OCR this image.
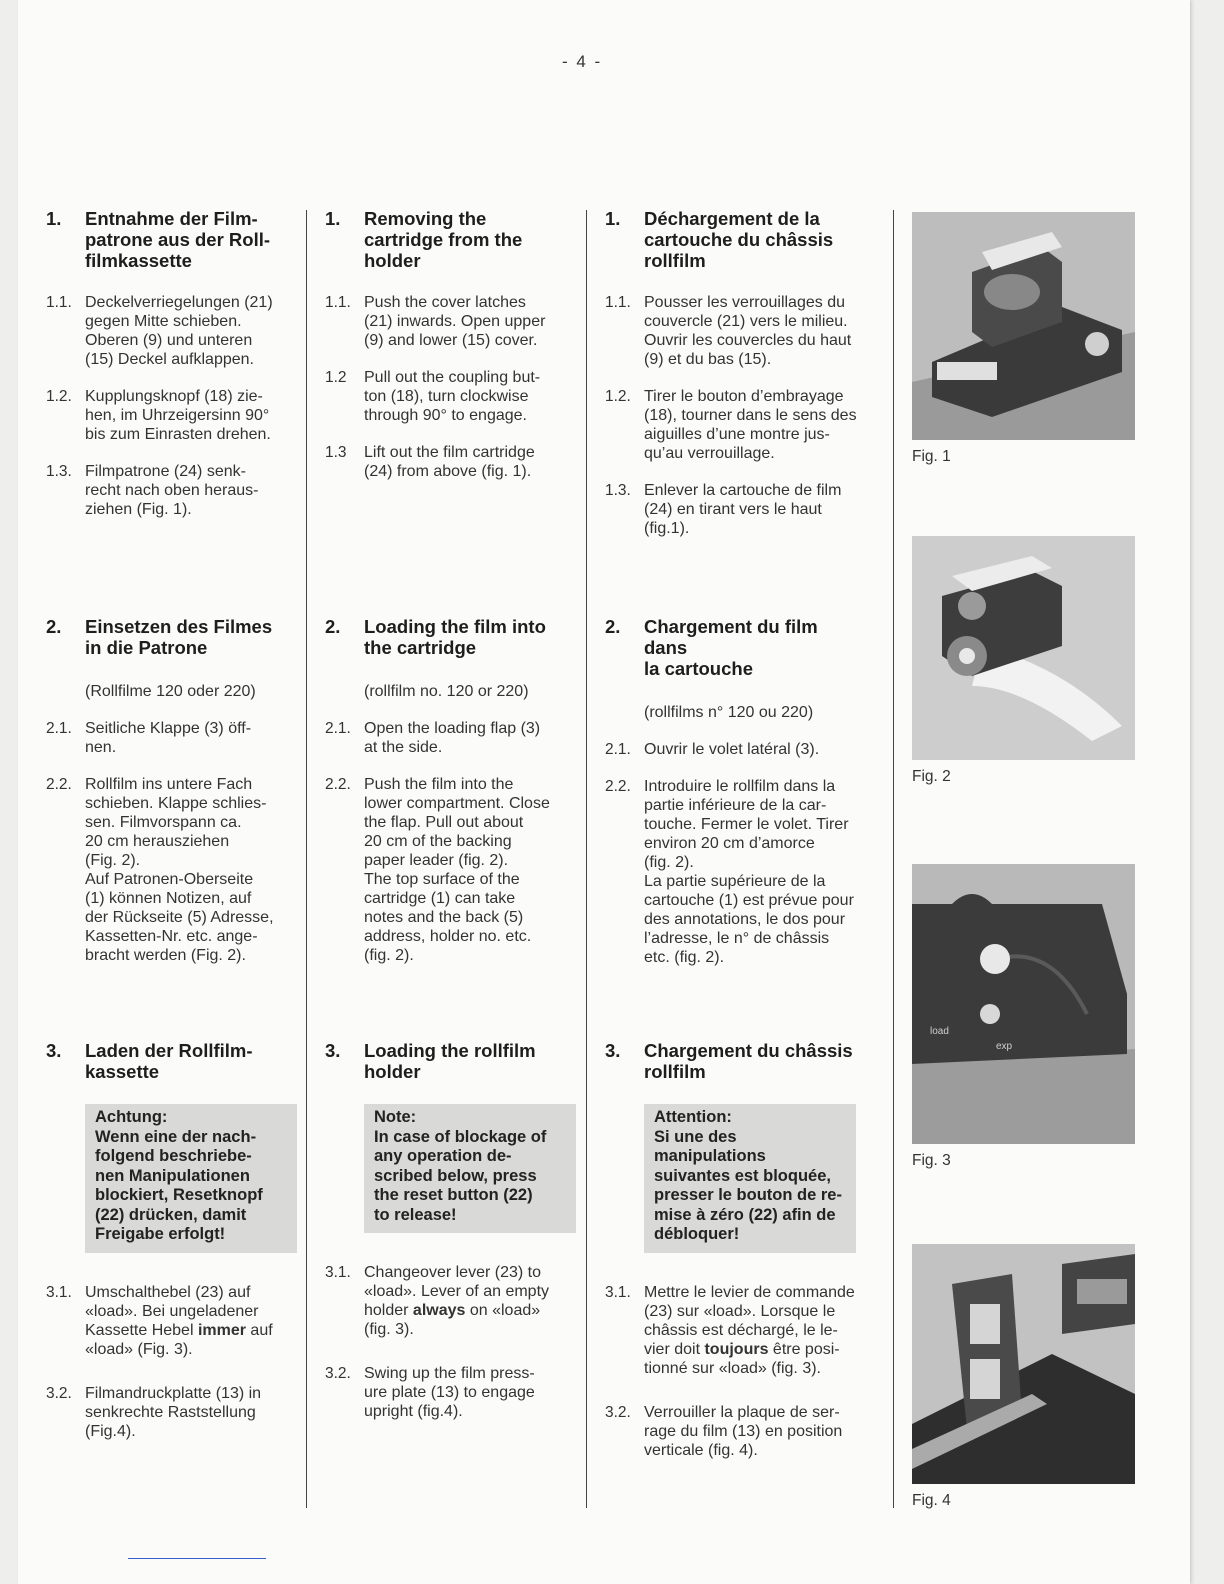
- 4 -

1.	Entnahme der Film-
patrone aus der Roll-
filmkassette
1.1. Deckelverriegelungen (21)
gegen Mitte schieben.
Oberen (9) und unteren
(15) Deckel aufklappen.
1.2. Kupplungsknopf (18) zie-
hen, im Uhrzeigersinn 90°
bis zum Einrasten drehen.
1.3. Filmpatrone (24) senk-
recht nach oben heraus-
ziehen (Fig. 1).
2.	Einsetzen des Filmes
in die Patrone
(Rollfilme 120 oder 220)
2.1. Seitliche Klappe (3) öff-
nen.
2.2. Rollfilm ins untere Fach
schieben. Klappe schlies-
sen. Filmvorspann ca.
20 cm herausziehen
(Fig. 2).
Auf Patronen-Oberseite
(1) können Notizen, auf
der Rückseite (5) Adresse,
Kassetten-Nr. etc. ange-
bracht werden (Fig. 2).
3.	Laden der Rollfilm-
kassette
Achtung:
Wenn eine der nach-
folgend beschriebe-
nen Manipulationen
blockiert, Resetknopf
(22) drücken, damit
Freigabe erfolgt!
3.1. Umschalthebel (23) auf
«load». Bei ungeladener
Kassette Hebel immer auf
«load» (Fig. 3).
3.2. Filmandruckplatte (13) in
senkrechte Raststellung
(Fig.4).
1.	Removing the
cartridge from the
holder
1.1. Push the cover latches
(21) inwards. Open upper
(9) and lower (15) cover.
1.2	Pull out the coupling but-
ton (18), turn clockwise
through 90° to engage.
1.3	Lift out the film cartridge
(24) from above (fig. 1).
2.	Loading the film into
the cartridge
(rollfilm no. 120 or 220)
2.1. Open the loading flap (3)
at the side.
2.2. Push the film into the
lower compartment. Close
the flap. Pull out about
20 cm of the backing
paper leader (fig. 2).
The top surface of the
cartridge (1) can take
notes and the back (5)
address, holder no. etc.
(fig. 2).
3.	Loading the rollfilm
holder
Note:
In case of blockage of
any operation de-
scribed below, press
the reset button (22)
to release!
3.1. Changeover lever (23) to
«load». Lever of an empty
holder always on «load»
(fig. 3).
3.2. Swing up the film press-
ure plate (13) to engage
upright (fig.4).
1.	Déchargement de la
cartouche du châssis
rollfilm
1.1. Pousser les verrouillages du
couvercle (21) vers le milieu.
Ouvrir les couvercles du haut
(9) et du bas (15).
1.2. Tirer le bouton d’embrayage
(18), tourner dans le sens des
aiguilles d’une montre jus-
qu’au verrouillage.
1.3. Enlever la cartouche de film
(24) en tirant vers le haut
(fig.1).
2.	Chargement du film dans
la cartouche
(rollfilms n° 120 ou 220)
2.1. Ouvrir le volet latéral (3).
2.2. Introduire le rollfilm dans la
partie inférieure de la car-
touche. Fermer le volet. Tirer
environ 20 cm d’amorce
(fig. 2).
La partie supérieure de la
cartouche (1) est prévue pour
des annotations, le dos pour
l’adresse, le n° de châssis
etc. (fig. 2).
3.	Chargement du châssis
rollfilm
Attention:
Si une des manipulations
suivantes est bloquée,
presser le bouton de re-
mise à zéro (22) afin de
débloquer!
3.1. Mettre le levier de commande
(23) sur «load». Lorsque le
châssis est déchargé, le le-
vier doit toujours être posi-
tionné sur «load» (fig. 3).
3.2. Verrouiller la plaque de ser-
rage du film (13) en position
verticale (fig. 4).
Fig. 1
Fig. 2
load
exp
Fig. 3
Fig. 4
